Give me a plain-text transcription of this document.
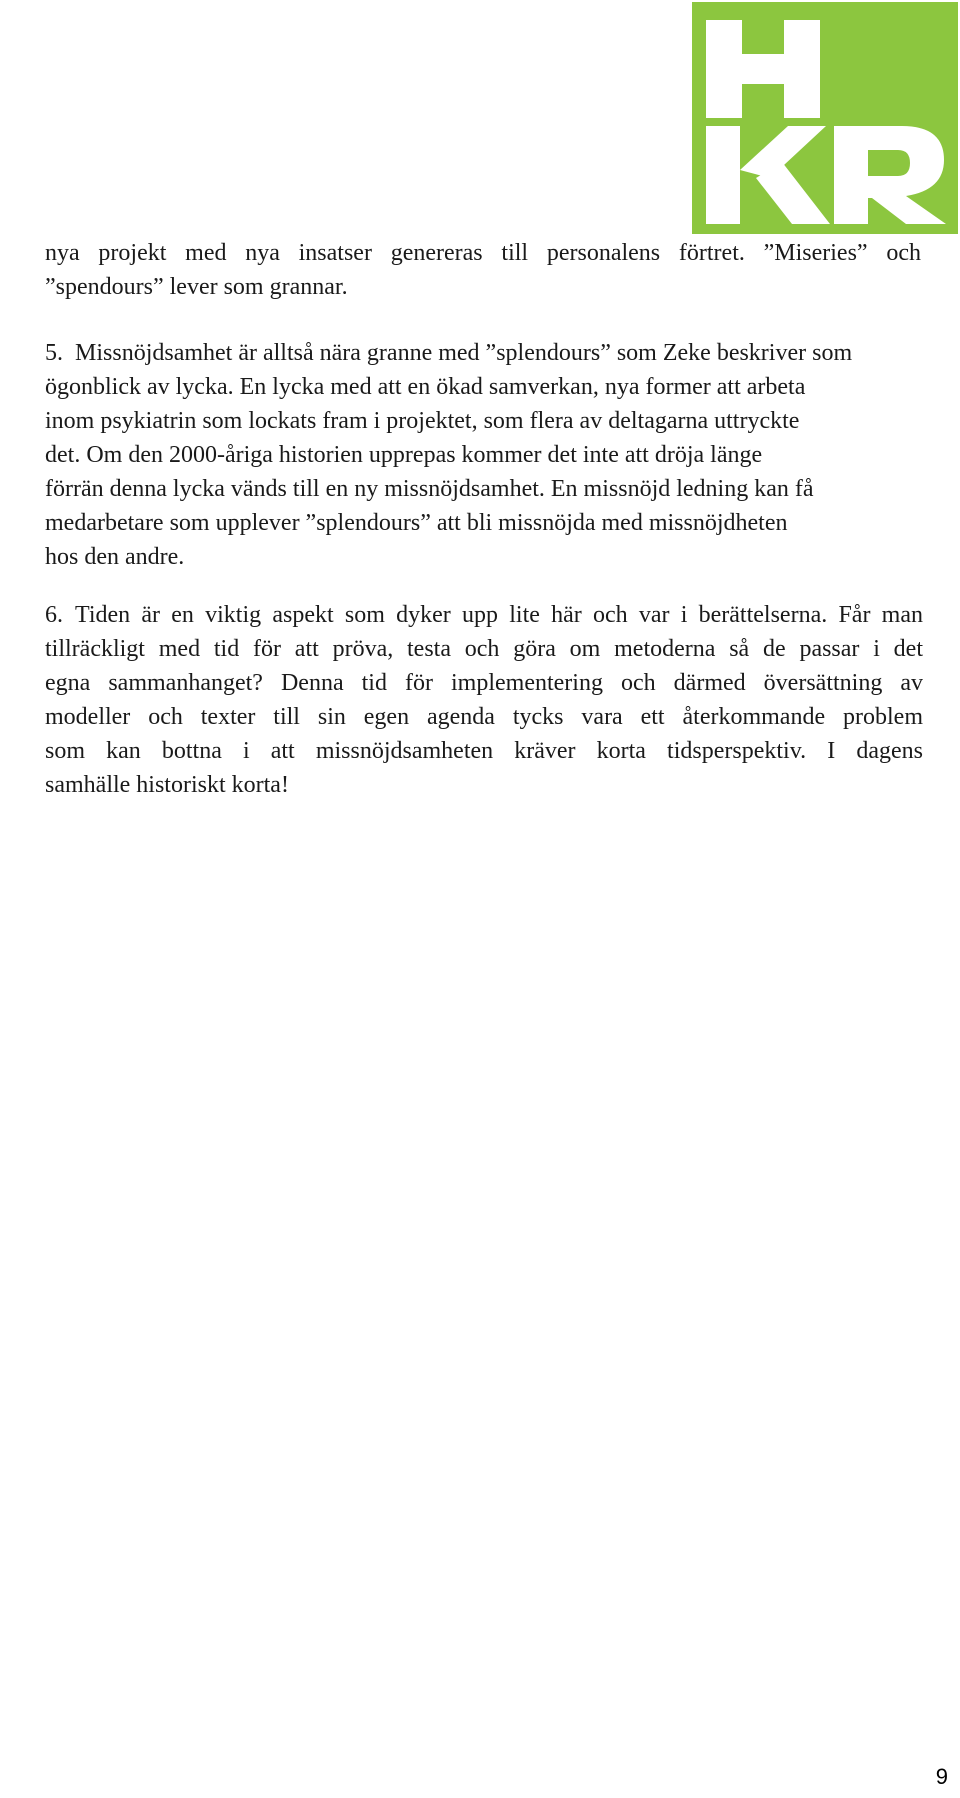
nya projekt med nya insatser genereras till personalens förtret. ”Miseries” och
”spendours” lever som grannar.
5. Missnöjdsamhet är alltså nära granne med ”splendours” som Zeke beskriver som
ögonblick av lycka. En lycka med att en ökad samverkan, nya former att arbeta
inom psykiatrin som lockats fram i projektet, som flera av deltagarna uttryckte
det. Om den 2000-åriga historien upprepas kommer det inte att dröja länge
förrän denna lycka vänds till en ny missnöjdsamhet. En missnöjd ledning kan få
medarbetare som upplever ”splendours” att bli missnöjda med missnöjdheten
hos den andre.
6. Tiden är en viktig aspekt som dyker upp lite här och var i berättelserna. Får man
tillräckligt med tid för att pröva, testa och göra om metoderna så de passar i det
egna sammanhanget? Denna tid för implementering och därmed översättning av
modeller och texter till sin egen agenda tycks vara ett återkommande problem
som kan bottna i att missnöjdsamheten kräver korta tidsperspektiv. I dagens
samhälle historiskt korta!
9
